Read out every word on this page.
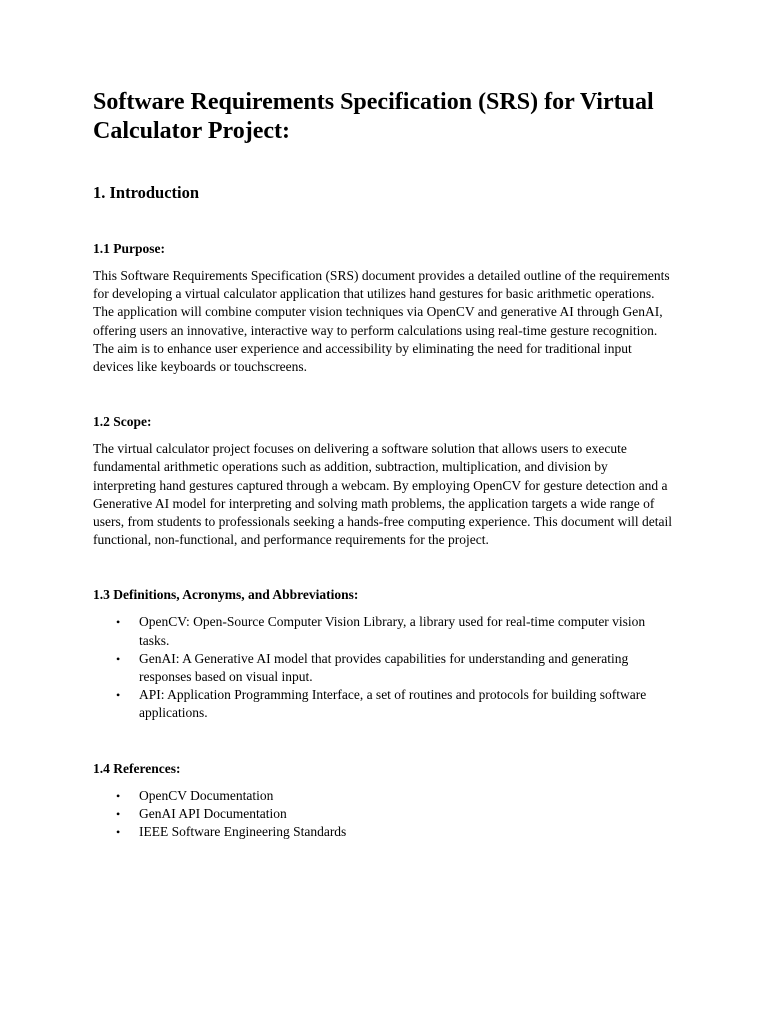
Software Requirements Specification (SRS) for Virtual Calculator Project:
1. Introduction
1.1 Purpose:

This Software Requirements Specification (SRS) document provides a detailed outline of the requirements for developing a virtual calculator application that utilizes hand gestures for basic arithmetic operations. The application will combine computer vision techniques via OpenCV and generative AI through GenAI, offering users an innovative, interactive way to perform calculations using real-time gesture recognition. The aim is to enhance user experience and accessibility by eliminating the need for traditional input devices like keyboards or touchscreens.

1.2 Scope:

The virtual calculator project focuses on delivering a software solution that allows users to execute fundamental arithmetic operations such as addition, subtraction, multiplication, and division by interpreting hand gestures captured through a webcam. By employing OpenCV for gesture detection and a Generative AI model for interpreting and solving math problems, the application targets a wide range of users, from students to professionals seeking a hands-free computing experience. This document will detail functional, non-functional, and performance requirements for the project.

1.3 Definitions, Acronyms, and Abbreviations:
• OpenCV: Open-Source Computer Vision Library, a library used for real-time computer vision tasks.
• GenAI: A Generative AI model that provides capabilities for understanding and generating responses based on visual input.
• API: Application Programming Interface, a set of routines and protocols for building software applications.
1.4 References:
• OpenCV Documentation
• GenAI API Documentation
• IEEE Software Engineering Standards
